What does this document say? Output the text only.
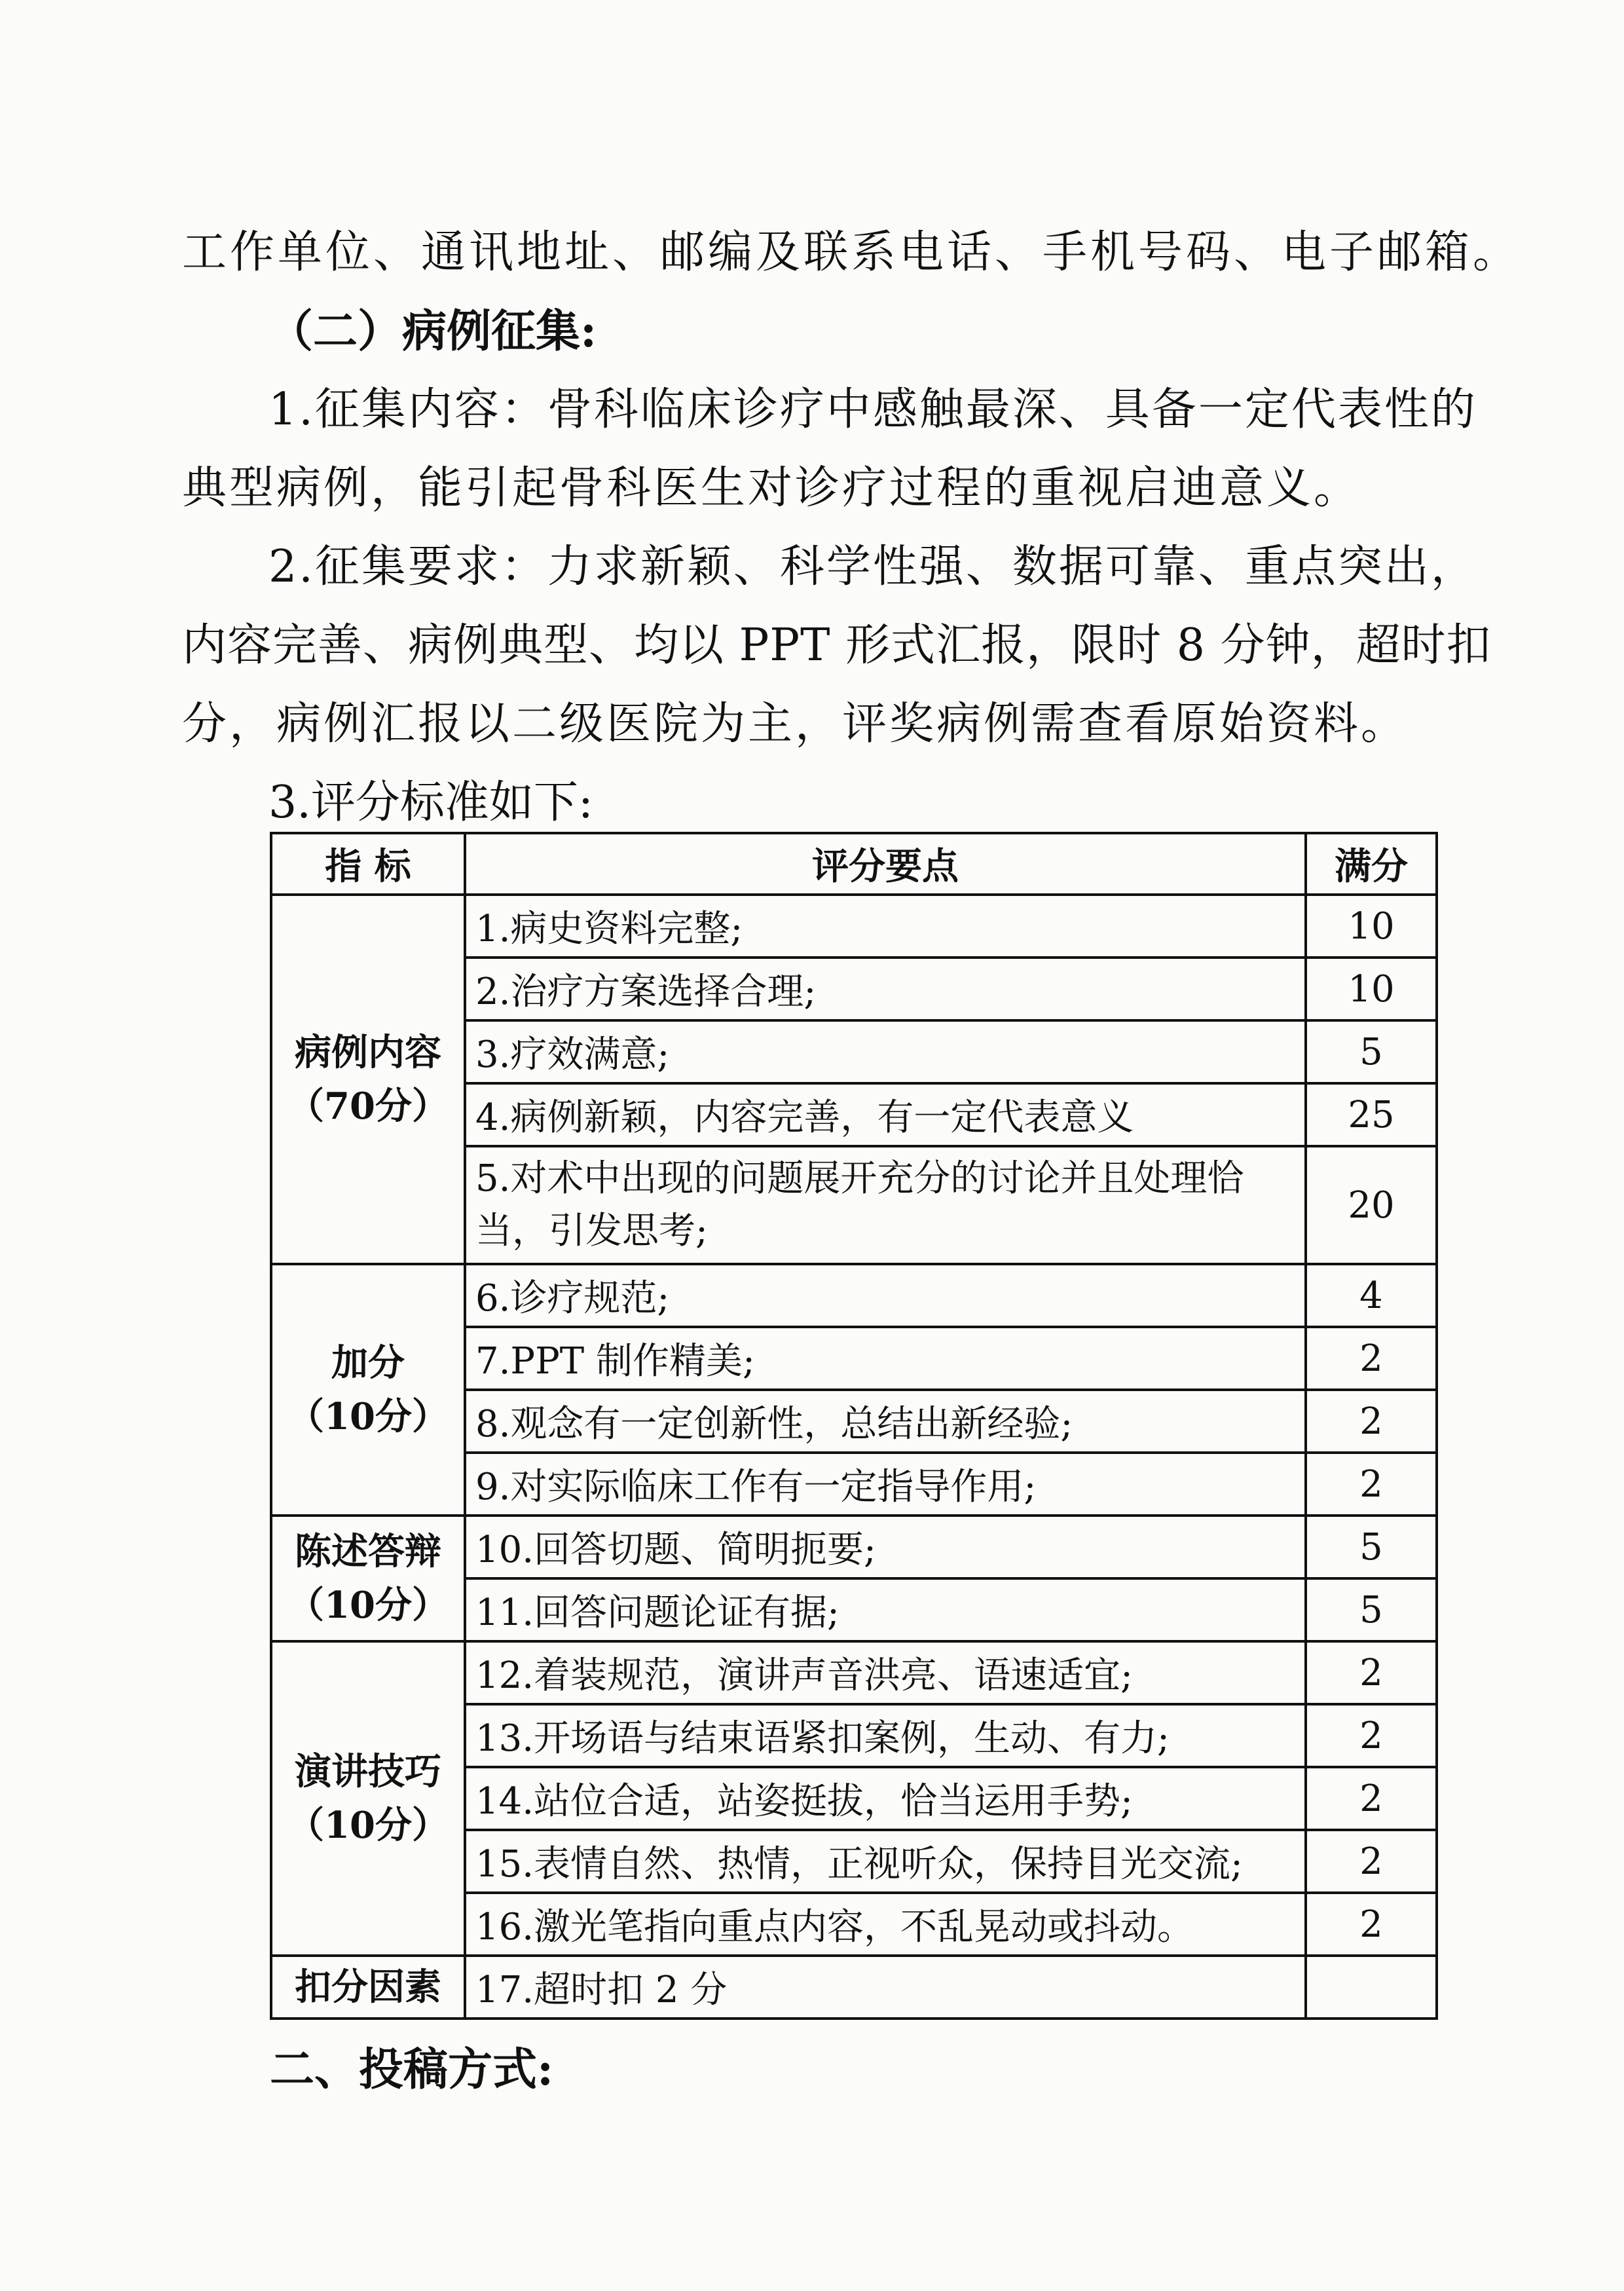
工作单位、通讯地址、邮编及联系电话、手机号码、电子邮箱。
（二）病例征集:
1.征集内容：骨科临床诊疗中感触最深、具备一定代表性的
典型病例，能引起骨科医生对诊疗过程的重视启迪意义。
2.征集要求：力求新颖、科学性强、数据可靠、重点突出，
内容完善、病例典型、均以 PPT 形式汇报，限时 8 分钟，超时扣
分，病例汇报以二级医院为主，评奖病例需查看原始资料。
3.评分标准如下:
指 标	评分要点	满分

病例内容
（70分）	1.病史资料完整;	10
	2.治疗方案选择合理;	10
	3.疗效满意;	5
	4.病例新颖，内容完善，有一定代表意义	25
	5.对术中出现的问题展开充分的讨论并且处理恰当，引发思考;	20

加分
（10分）	6.诊疗规范;	4
	7.PPT 制作精美;	2
	8.观念有一定创新性，总结出新经验;	2
	9.对实际临床工作有一定指导作用;	2

陈述答辩
（10分）	10.回答切题、简明扼要;	5
	11.回答问题论证有据;	5

演讲技巧
（10分）	12.着装规范，演讲声音洪亮、语速适宜;	2
	13.开场语与结束语紧扣案例，生动、有力;	2
	14.站位合适，站姿挺拔，恰当运用手势;	2
	15.表情自然、热情，正视听众，保持目光交流;	2
	16.激光笔指向重点内容，不乱晃动或抖动。	2

扣分因素	17.超时扣 2 分	
二、投稿方式:
